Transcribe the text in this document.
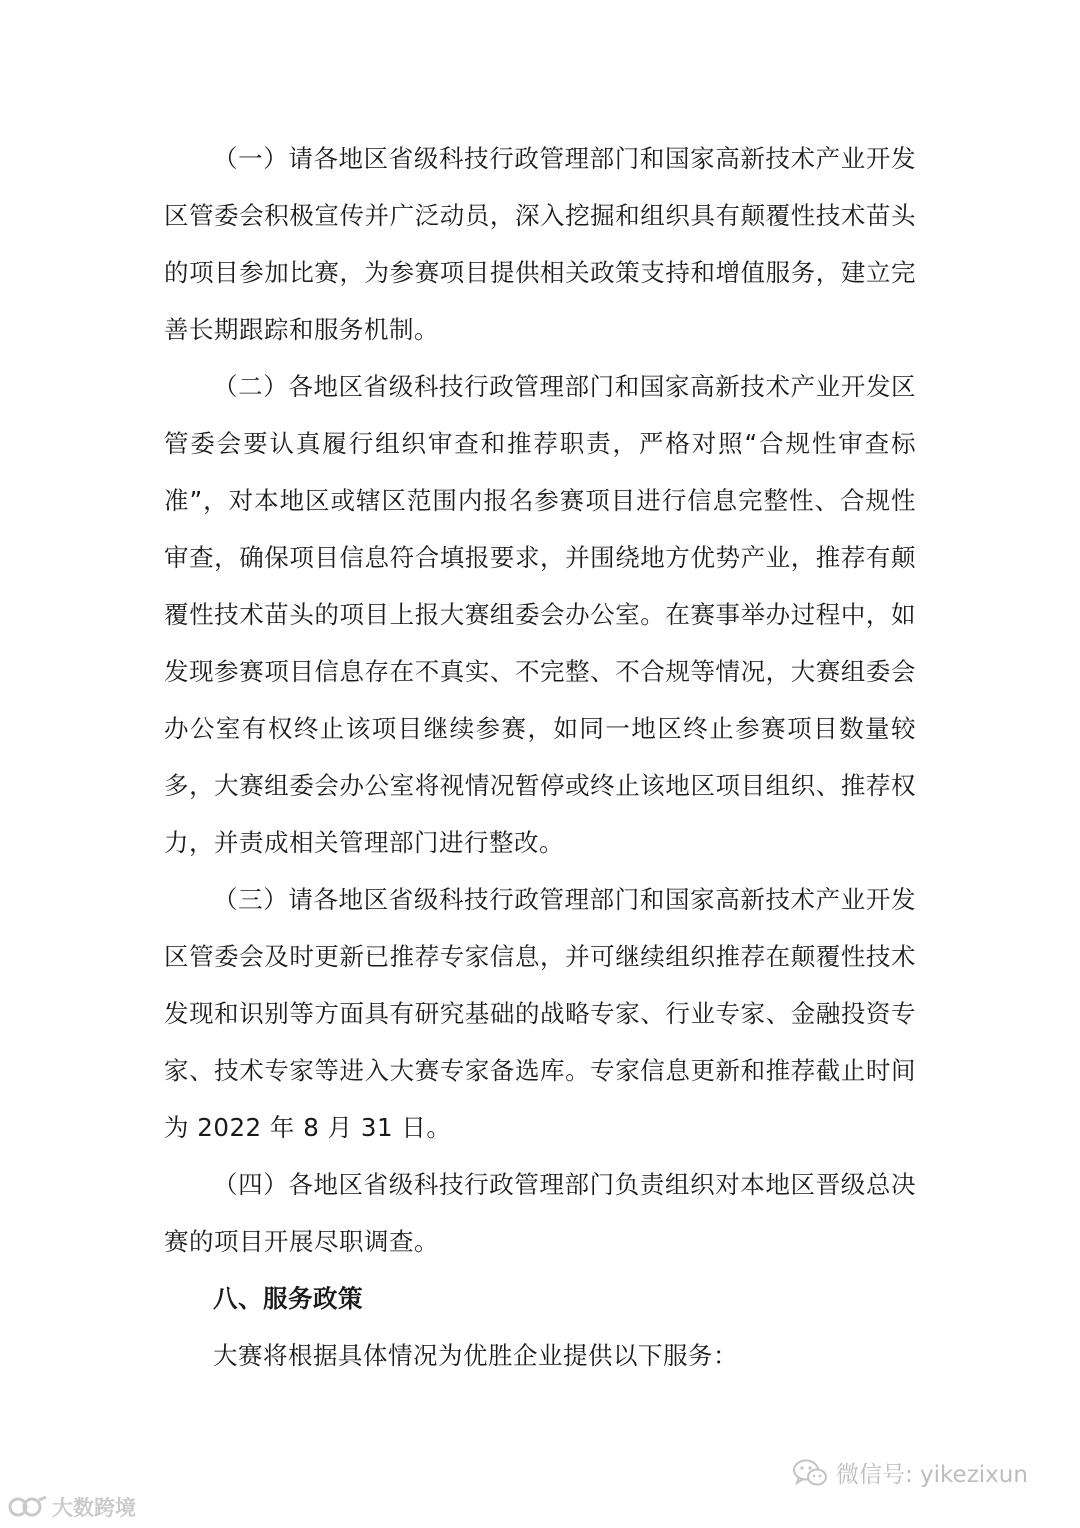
（一）请各地区省级科技行政管理部门和国家高新技术产业开发区管委会积极宣传并广泛动员，深入挖掘和组织具有颠覆性技术苗头的项目参加比赛，为参赛项目提供相关政策支持和增值服务，建立完善长期跟踪和服务机制。

（二）各地区省级科技行政管理部门和国家高新技术产业开发区管委会要认真履行组织审查和推荐职责，严格对照“合规性审查标准”，对本地区或辖区范围内报名参赛项目进行信息完整性、合规性审查，确保项目信息符合填报要求，并围绕地方优势产业，推荐有颠覆性技术苗头的项目上报大赛组委会办公室。在赛事举办过程中，如发现参赛项目信息存在不真实、不完整、不合规等情况，大赛组委会办公室有权终止该项目继续参赛，如同一地区终止参赛项目数量较多，大赛组委会办公室将视情况暂停或终止该地区项目组织、推荐权力，并责成相关管理部门进行整改。

（三）请各地区省级科技行政管理部门和国家高新技术产业开发区管委会及时更新已推荐专家信息，并可继续组织推荐在颠覆性技术发现和识别等方面具有研究基础的战略专家、行业专家、金融投资专家、技术专家等进入大赛专家备选库。专家信息更新和推荐截止时间为 2022 年 8 月 31 日。

（四）各地区省级科技行政管理部门负责组织对本地区晋级总决赛的项目开展尽职调查。

八、服务政策

大赛将根据具体情况为优胜企业提供以下服务：

微信号: yikezixun
大数跨境
